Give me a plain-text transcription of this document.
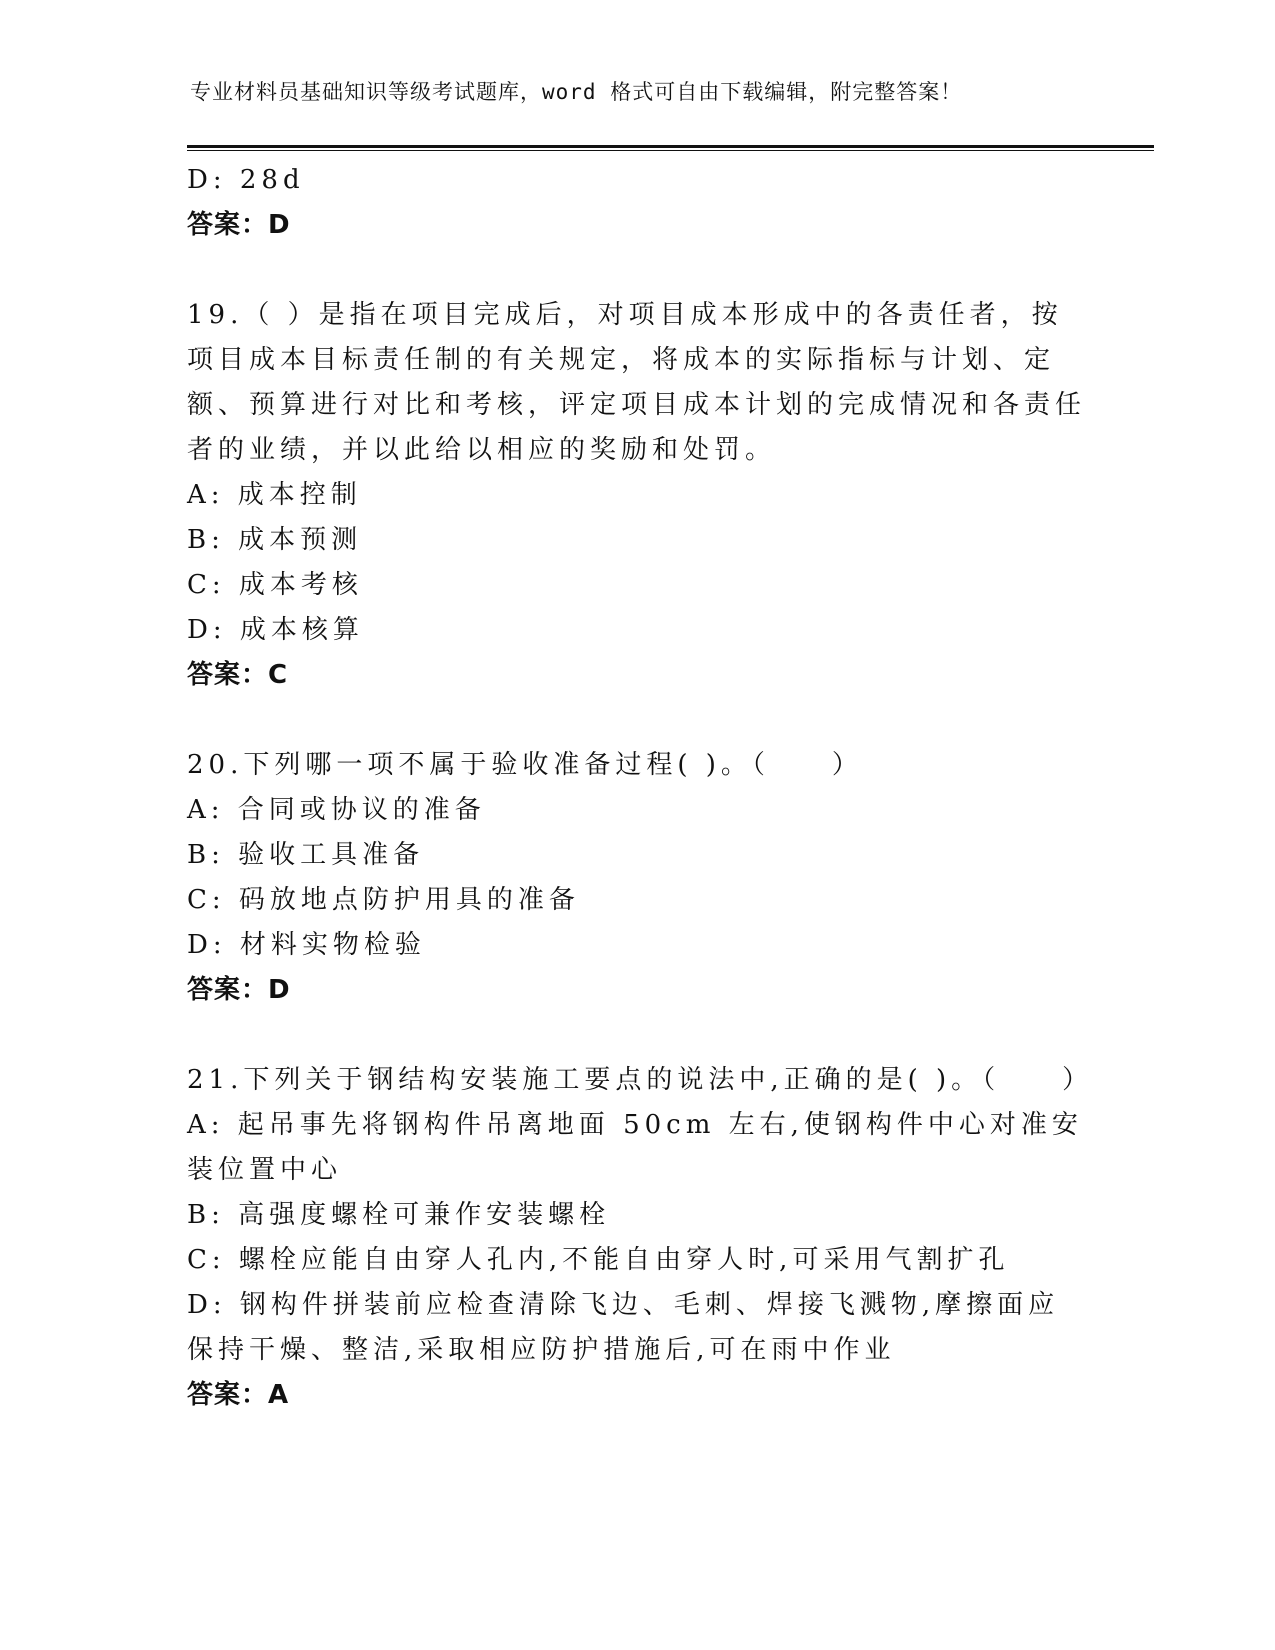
专业材料员基础知识等级考试题库，word 格式可自由下载编辑，附完整答案！
D: 28d
答案：D
19.（ ）是指在项目完成后，对项目成本形成中的各责任者，按项目成本目标责任制的有关规定，将成本的实际指标与计划、定额、预算进行对比和考核，评定项目成本计划的完成情况和各责任者的业绩，并以此给以相应的奖励和处罚。
A: 成本控制
B: 成本预测
C: 成本考核
D: 成本核算
答案：C
20.下列哪一项不属于验收准备过程( )。（　　）
A: 合同或协议的准备
B: 验收工具准备
C: 码放地点防护用具的准备
D: 材料实物检验
答案：D
21.下列关于钢结构安装施工要点的说法中,正确的是( )。（　　）
A: 起吊事先将钢构件吊离地面 50cm 左右,使钢构件中心对准安装位置中心
B: 高强度螺栓可兼作安装螺栓
C: 螺栓应能自由穿人孔内,不能自由穿人时,可采用气割扩孔
D: 钢构件拼装前应检查清除飞边、毛刺、焊接飞溅物,摩擦面应保持干燥、整洁,采取相应防护措施后,可在雨中作业
答案：A
